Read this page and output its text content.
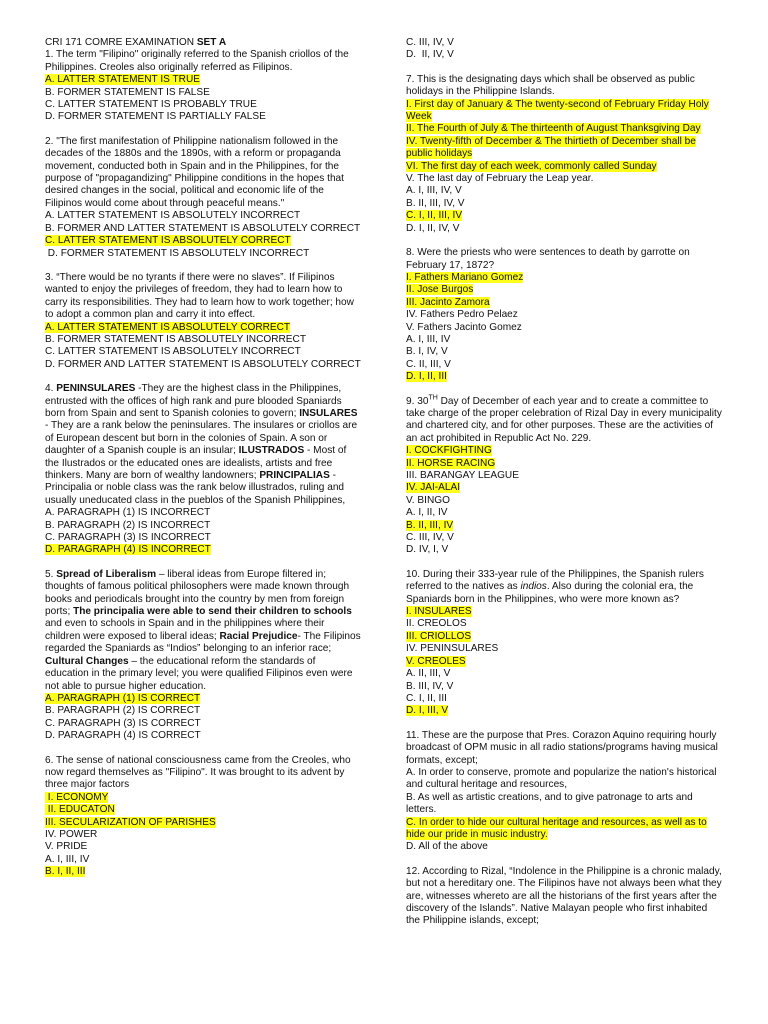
CRI 171 COMRE EXAMINATION SET A
1. The term "Filipino" originally referred to the Spanish criollos of the Philippines. Creoles also originally referred as Filipinos.
A. LATTER STATEMENT IS TRUE
B. FORMER STATEMENT IS FALSE
C. LATTER STATEMENT IS PROBABLY TRUE
D. FORMER STATEMENT IS PARTIALLY FALSE
2. "The first manifestation of Philippine nationalism followed in the decades of the 1880s and the 1890s, with a reform or propaganda movement, conducted both in Spain and in the Philippines, for the purpose of "propagandizing" Philippine conditions in the hopes that desired changes in the social, political and economic life of the Filipinos would come about through peaceful means."
A. LATTER STATEMENT IS ABSOLUTELY INCORRECT
B. FORMER AND LATTER STATEMENT IS ABSOLUTELY CORRECT
C. LATTER STATEMENT IS ABSOLUTELY CORRECT
D. FORMER STATEMENT IS ABSOLUTELY INCORRECT
3. “There would be no tyrants if there were no slaves”. If Filipinos wanted to enjoy the privileges of freedom, they had to learn how to carry its responsibilities. They had to learn how to work together; how to adopt a common plan and carry it into effect.
A. LATTER STATEMENT IS ABSOLUTELY CORRECT
B. FORMER STATEMENT IS ABSOLUTELY INCORRECT
C. LATTER STATEMENT IS ABSOLUTELY INCORRECT
D. FORMER AND LATTER STATEMENT IS ABSOLUTELY CORRECT
4. PENINSULARES -They are the highest class in the Philippines, entrusted with the offices of high rank and pure blooded Spaniards born from Spain and sent to Spanish colonies to govern; INSULARES - They are a rank below the peninsulares. The insulares or criollos are of European descent but born in the colonies of Spain. A son or daughter of a Spanish couple is an insular; ILUSTRADOS - Most of the Ilustrados or the educated ones are idealists, artists and free thinkers. Many are born of wealthy landowners; PRINCIPALIAS - Principalia or noble class was the rank below illustrados, ruling and usually uneducated class in the pueblos of the Spanish Philippines,
A. PARAGRAPH (1) IS INCORRECT
B. PARAGRAPH (2) IS INCORRECT
C. PARAGRAPH (3) IS INCORRECT
D. PARAGRAPH (4) IS INCORRECT
5. Spread of Liberalism – liberal ideas from Europe filtered in; thoughts of famous political philosophers were made known through books and periodicals brought into the country by men from foreign ports; The principalia were able to send their children to schools and even to schools in Spain and in the philippines where their children were exposed to liberal ideas; Racial Prejudice- The Filipinos regarded the Spaniards as “Indios” belonging to an inferior race; Cultural Changes – the educational reform the standards of education in the primary level; you were qualified Filipinos even were not able to pursue higher education.
A. PARAGRAPH (1) IS CORRECT
B. PARAGRAPH (2) IS CORRECT
C. PARAGRAPH (3) IS CORRECT
D. PARAGRAPH (4) IS CORRECT
6. The sense of national consciousness came from the Creoles, who now regard themselves as "Filipino". It was brought to its advent by three major factors
I. ECONOMY
II. EDUCATON
III. SECULARIZATION OF PARISHES
IV. POWER
V. PRIDE
A. I, III, IV
B. I, II, III
C. III, IV, V
D.  II, IV, V
7. This is the designating days which shall be observed as public holidays in the Philippine Islands.
I. First day of January & The twenty-second of February Friday Holy Week
II. The Fourth of July & The thirteenth of August Thanksgiving Day
IV. Twenty-fifth of December & The thirtieth of December shall be public holidays
VI. The first day of each week, commonly called Sunday
V. The last day of February the Leap year.
A. I, III, IV, V
B. II, III, IV, V
C. I, II, III, IV
D. I, II, IV, V
8. Were the priests who were sentences to death by garrotte on February 17, 1872?
I. Fathers Mariano Gomez
II. Jose Burgos
III. Jacinto Zamora
IV. Fathers Pedro Pelaez
V. Fathers Jacinto Gomez
A. I, III, IV
B. I, IV, V
C. II, III, V
D. I, II, III
9. 30TH Day of December of each year and to create a committee to take charge of the proper celebration of Rizal Day in every municipality and chartered city, and for other purposes. These are the activities of an act prohibited in Republic Act No. 229.
I. COCKFIGHTING
II. HORSE RACING
III. BARANGAY LEAGUE
IV. JAI-ALAI
V. BINGO
A. I, II, IV
B. II, III, IV
C. III, IV, V
D. IV, I, V
10. During their 333-year rule of the Philippines, the Spanish rulers referred to the natives as indios. Also during the colonial era, the Spaniards born in the Philippines, who were more known as?
I. INSULARES
II. CREOLOS
III. CRIOLLOS
IV. PENINSULARES
V. CREOLES
A. II, III, V
B. III, IV, V
C. I, II, III
D. I, III, V
11. These are the purpose that Pres. Corazon Aquino requiring hourly broadcast of OPM music in all radio stations/programs having musical formats, except;
A. In order to conserve, promote and popularize the nation's historical and cultural heritage and resources,
B. As well as artistic creations, and to give patronage to arts and letters.
C. In order to hide our cultural heritage and resources, as well as to hide our pride in music industry.
D. All of the above
12. According to Rizal, “Indolence in the Philippine is a chronic malady, but not a hereditary one. The Filipinos have not always been what they are, witnesses whereto are all the historians of the first years after the discovery of the Islands”. Native Malayan people who first inhabited the Philippine islands, except;
